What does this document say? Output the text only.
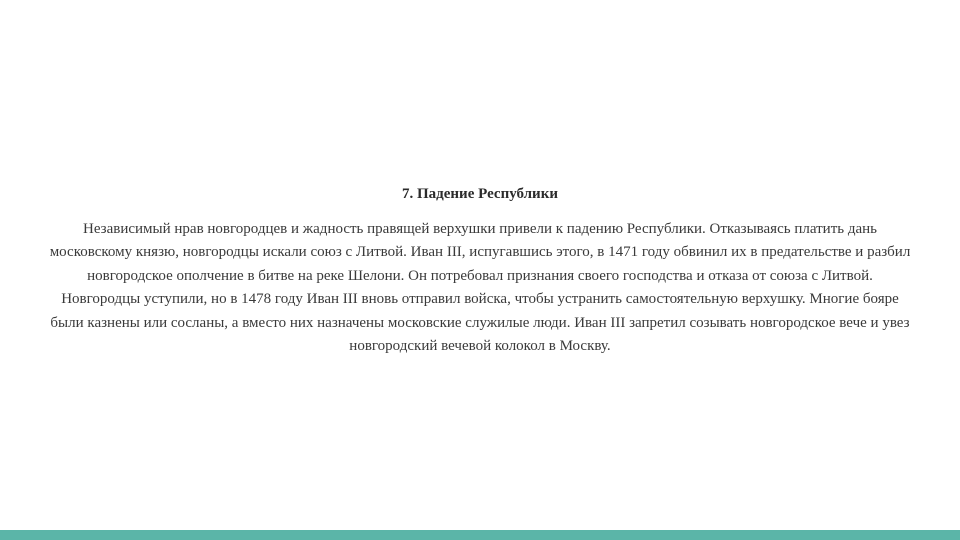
7. Падение Республики

Независимый нрав новгородцев и жадность правящей верхушки привели к падению Республики. Отказываясь платить дань московскому князю, новгородцы искали союз с Литвой. Иван III, испугавшись этого, в 1471 году обвинил их в предательстве и разбил новгородское ополчение в битве на реке Шелони. Он потребовал признания своего господства и отказа от союза с Литвой. Новгородцы уступили, но в 1478 году Иван III вновь отправил войска, чтобы устранить самостоятельную верхушку. Многие бояре были казнены или сосланы, а вместо них назначены московские служилые люди. Иван III запретил созывать новгородское вече и увез новгородский вечевой колокол в Москву.
